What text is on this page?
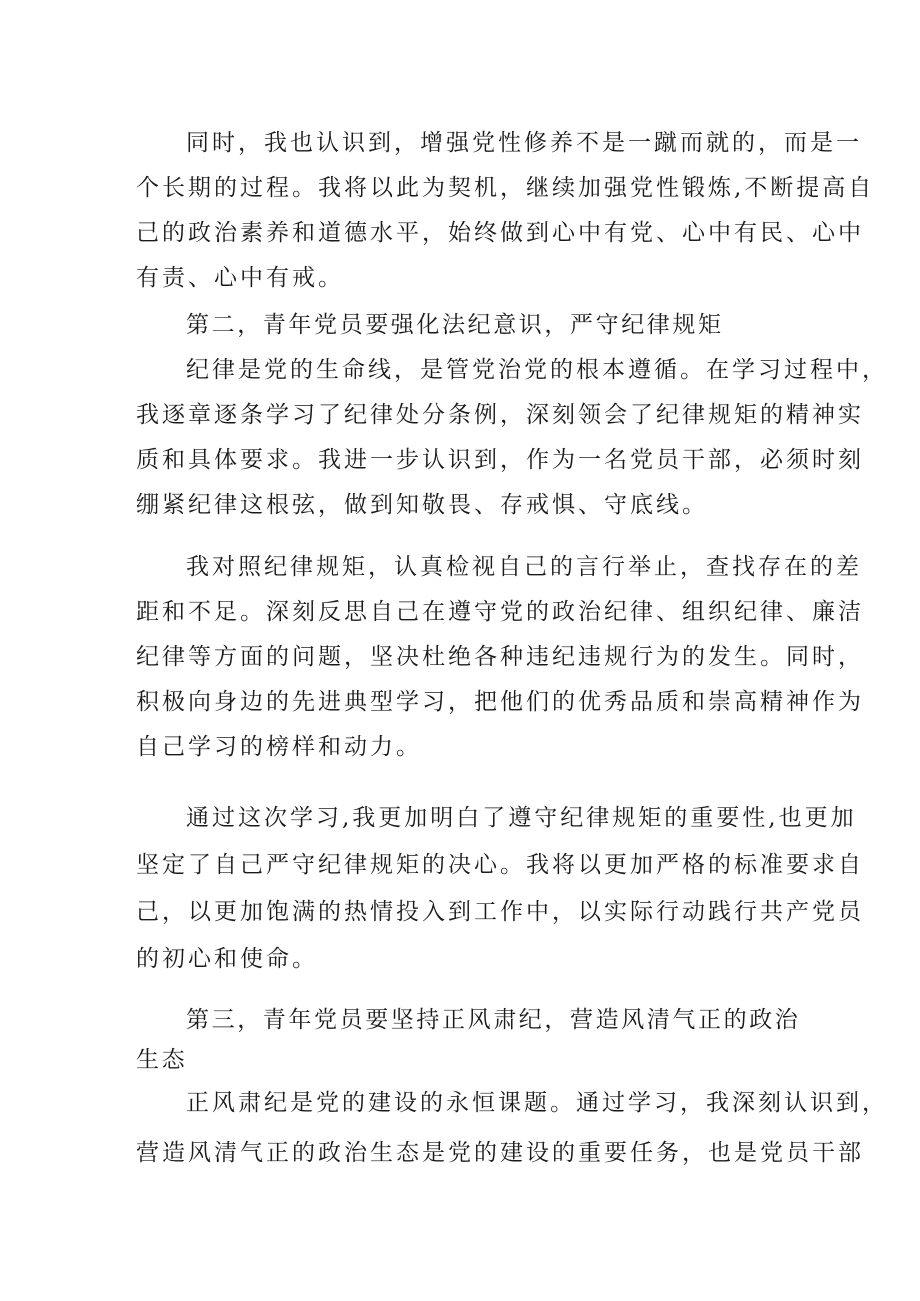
同时，我也认识到，增强党性修养不是一蹴而就的，而是一
个长期的过程。我将以此为契机，继续加强党性锻炼,不断提高自
己的政治素养和道德水平，始终做到心中有党、心中有民、心中
有责、心中有戒。
第二，青年党员要强化法纪意识，严守纪律规矩
纪律是党的生命线，是管党治党的根本遵循。在学习过程中，
我逐章逐条学习了纪律处分条例，深刻领会了纪律规矩的精神实
质和具体要求。我进一步认识到，作为一名党员干部，必须时刻
绷紧纪律这根弦，做到知敬畏、存戒惧、守底线。
我对照纪律规矩，认真检视自己的言行举止，查找存在的差
距和不足。深刻反思自己在遵守党的政治纪律、组织纪律、廉洁
纪律等方面的问题，坚决杜绝各种违纪违规行为的发生。同时，
积极向身边的先进典型学习，把他们的优秀品质和崇高精神作为
自己学习的榜样和动力。
通过这次学习,我更加明白了遵守纪律规矩的重要性,也更加
坚定了自己严守纪律规矩的决心。我将以更加严格的标准要求自
己，以更加饱满的热情投入到工作中，以实际行动践行共产党员
的初心和使命。
第三，青年党员要坚持正风肃纪，营造风清气正的政治
生态
正风肃纪是党的建设的永恒课题。通过学习，我深刻认识到，
营造风清气正的政治生态是党的建设的重要任务，也是党员干部
